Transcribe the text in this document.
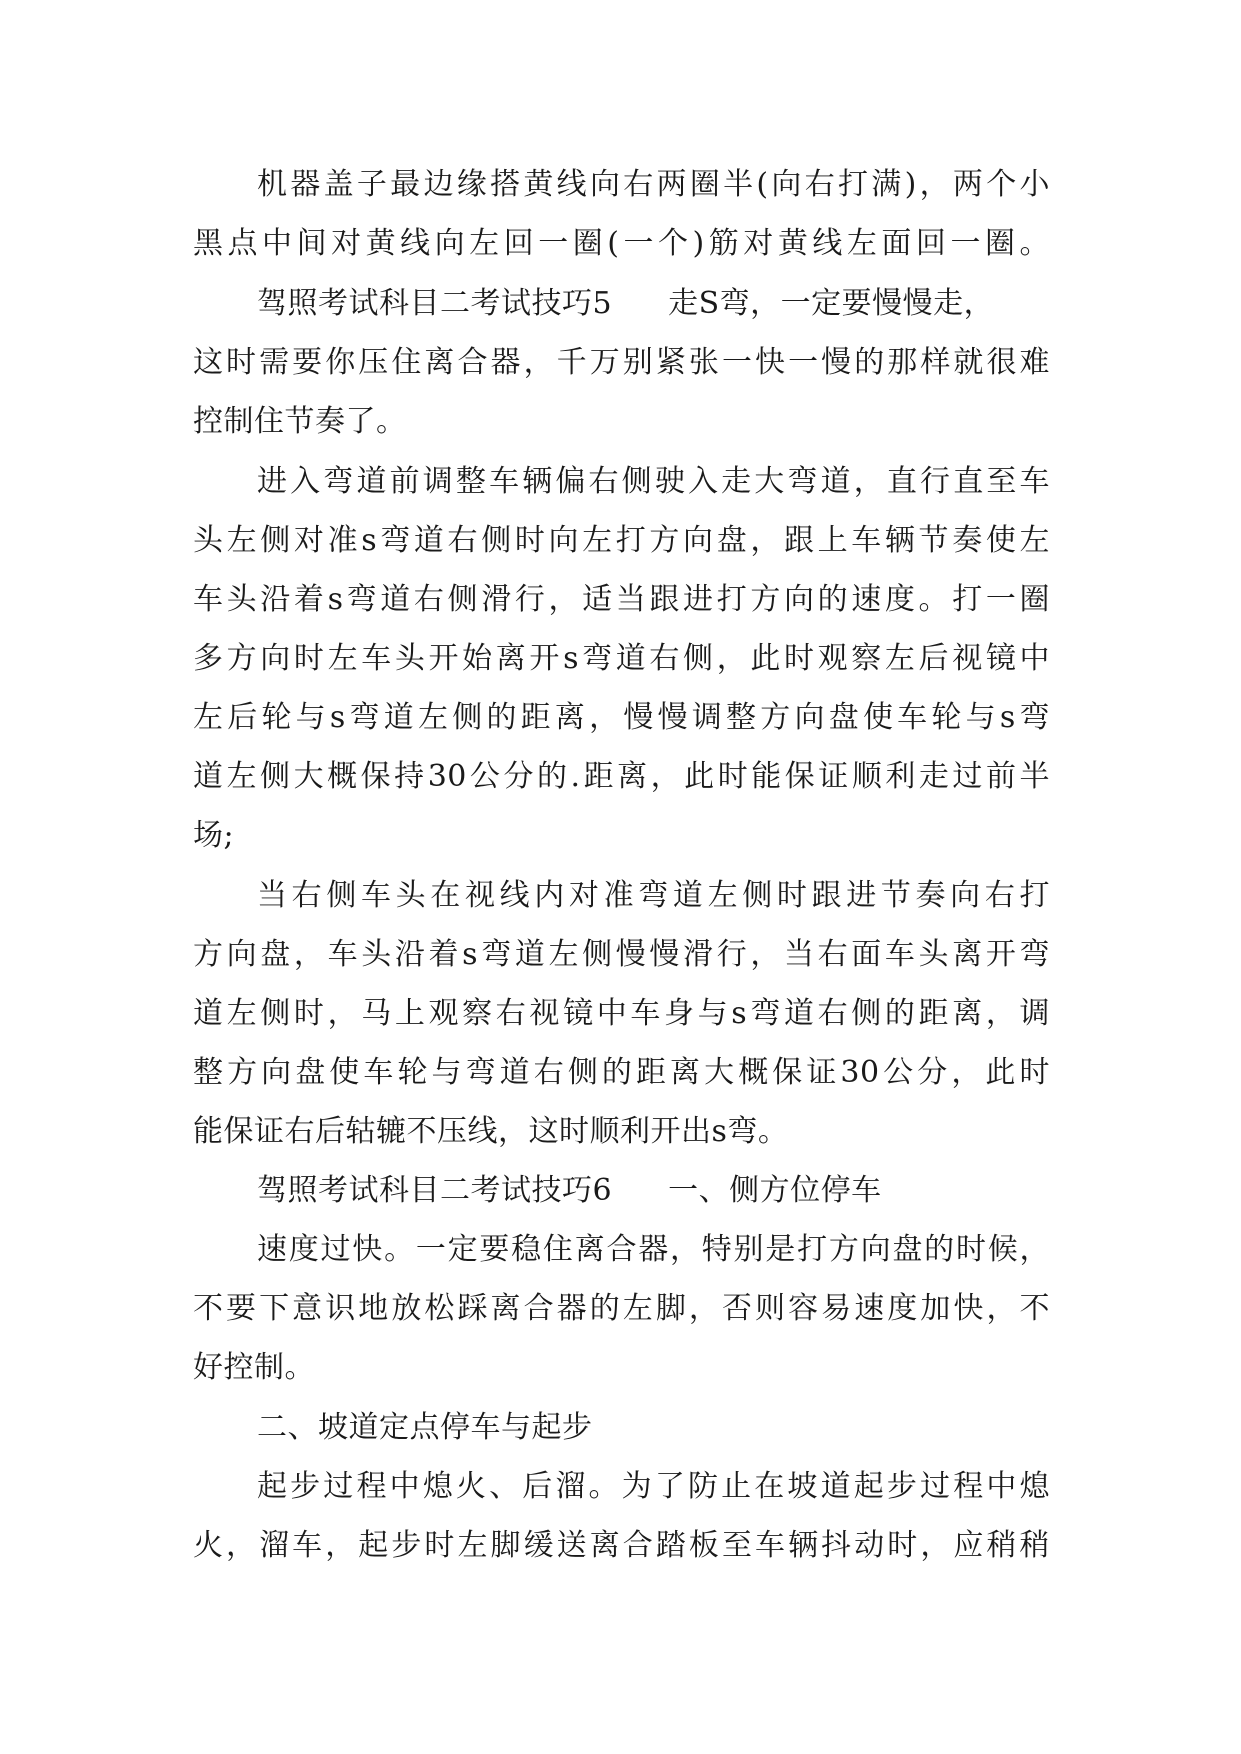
机器盖子最边缘搭黄线向右两圈半(向右打满)，两个小
黑点中间对黄线向左回一圈(一个)筋对黄线左面回一圈。
驾照考试科目二考试技巧5 走S弯，一定要慢慢走，
这时需要你压住离合器，千万别紧张一快一慢的那样就很难
控制住节奏了。
进入弯道前调整车辆偏右侧驶入走大弯道，直行直至车
头左侧对准s弯道右侧时向左打方向盘，跟上车辆节奏使左
车头沿着s弯道右侧滑行，适当跟进打方向的速度。打一圈
多方向时左车头开始离开s弯道右侧，此时观察左后视镜中
左后轮与s弯道左侧的距离，慢慢调整方向盘使车轮与s弯
道左侧大概保持30公分的.距离，此时能保证顺利走过前半
场;
当右侧车头在视线内对准弯道左侧时跟进节奏向右打
方向盘，车头沿着s弯道左侧慢慢滑行，当右面车头离开弯
道左侧时，马上观察右视镜中车身与s弯道右侧的距离，调
整方向盘使车轮与弯道右侧的距离大概保证30公分，此时
能保证右后轱辘不压线，这时顺利开出s弯。
驾照考试科目二考试技巧6 一、侧方位停车
速度过快。一定要稳住离合器，特别是打方向盘的时候，
不要下意识地放松踩离合器的左脚，否则容易速度加快，不
好控制。
二、坡道定点停车与起步
起步过程中熄火、后溜。为了防止在坡道起步过程中熄
火，溜车，起步时左脚缓送离合踏板至车辆抖动时，应稍稍
